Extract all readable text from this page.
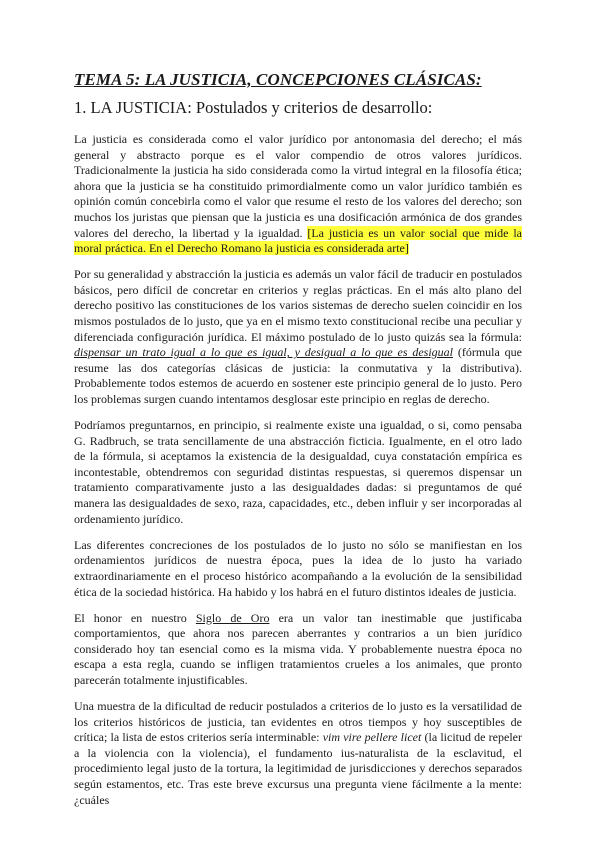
TEMA 5: LA JUSTICIA, CONCEPCIONES CLÁSICAS:
1. LA JUSTICIA: Postulados y criterios de desarrollo:

La justicia es considerada como el valor jurídico por antonomasia del derecho; el más general y abstracto porque es el valor compendio de otros valores jurídicos. Tradicionalmente la justicia ha sido considerada como la virtud integral en la filosofía ética; ahora que la justicia se ha constituido primordialmente como un valor jurídico también es opinión común concebirla como el valor que resume el resto de los valores del derecho; son muchos los juristas que piensan que la justicia es una dosificación armónica de dos grandes valores del derecho, la libertad y la igualdad. [La justicia es un valor social que mide la moral práctica. En el Derecho Romano la justicia es considerada arte]

Por su generalidad y abstracción la justicia es además un valor fácil de traducir en postulados básicos, pero difícil de concretar en criterios y reglas prácticas. En el más alto plano del derecho positivo las constituciones de los varios sistemas de derecho suelen coincidir en los mismos postulados de lo justo, que ya en el mismo texto constitucional recibe una peculiar y diferenciada configuración jurídica. El máximo postulado de lo justo quizás sea la fórmula: dispensar un trato igual a lo que es igual, y desigual a lo que es desigual (fórmula que resume las dos categorías clásicas de justicia: la conmutativa y la distributiva). Probablemente todos estemos de acuerdo en sostener este principio general de lo justo. Pero los problemas surgen cuando intentamos desglosar este principio en reglas de derecho.

Podríamos preguntarnos, en principio, si realmente existe una igualdad, o si, como pensaba G. Radbruch, se trata sencillamente de una abstracción ficticia. Igualmente, en el otro lado de la fórmula, si aceptamos la existencia de la desigualdad, cuya constatación empírica es incontestable, obtendremos con seguridad distintas respuestas, si queremos dispensar un tratamiento comparativamente justo a las desigualdades dadas: si preguntamos de qué manera las desigualdades de sexo, raza, capacidades, etc., deben influir y ser incorporadas al ordenamiento jurídico.

Las diferentes concreciones de los postulados de lo justo no sólo se manifiestan en los ordenamientos jurídicos de nuestra época, pues la idea de lo justo ha variado extraordinariamente en el proceso histórico acompañando a la evolución de la sensibilidad ética de la sociedad histórica. Ha habido y los habrá en el futuro distintos ideales de justicia.

El honor en nuestro Siglo de Oro era un valor tan inestimable que justificaba comportamientos, que ahora nos parecen aberrantes y contrarios a un bien jurídico considerado hoy tan esencial como es la misma vida. Y probablemente nuestra época no escapa a esta regla, cuando se infligen tratamientos crueles a los animales, que pronto parecerán totalmente injustificables.

Una muestra de la dificultad de reducir postulados a criterios de lo justo es la versatilidad de los criterios históricos de justicia, tan evidentes en otros tiempos y hoy susceptibles de crítica; la lista de estos criterios sería interminable: vim vire pellere licet (la licitud de repeler a la violencia con la violencia), el fundamento ius-naturalista de la esclavitud, el procedimiento legal justo de la tortura, la legitimidad de jurisdicciones y derechos separados según estamentos, etc. Tras este breve excursus una pregunta viene fácilmente a la mente: ¿cuáles
